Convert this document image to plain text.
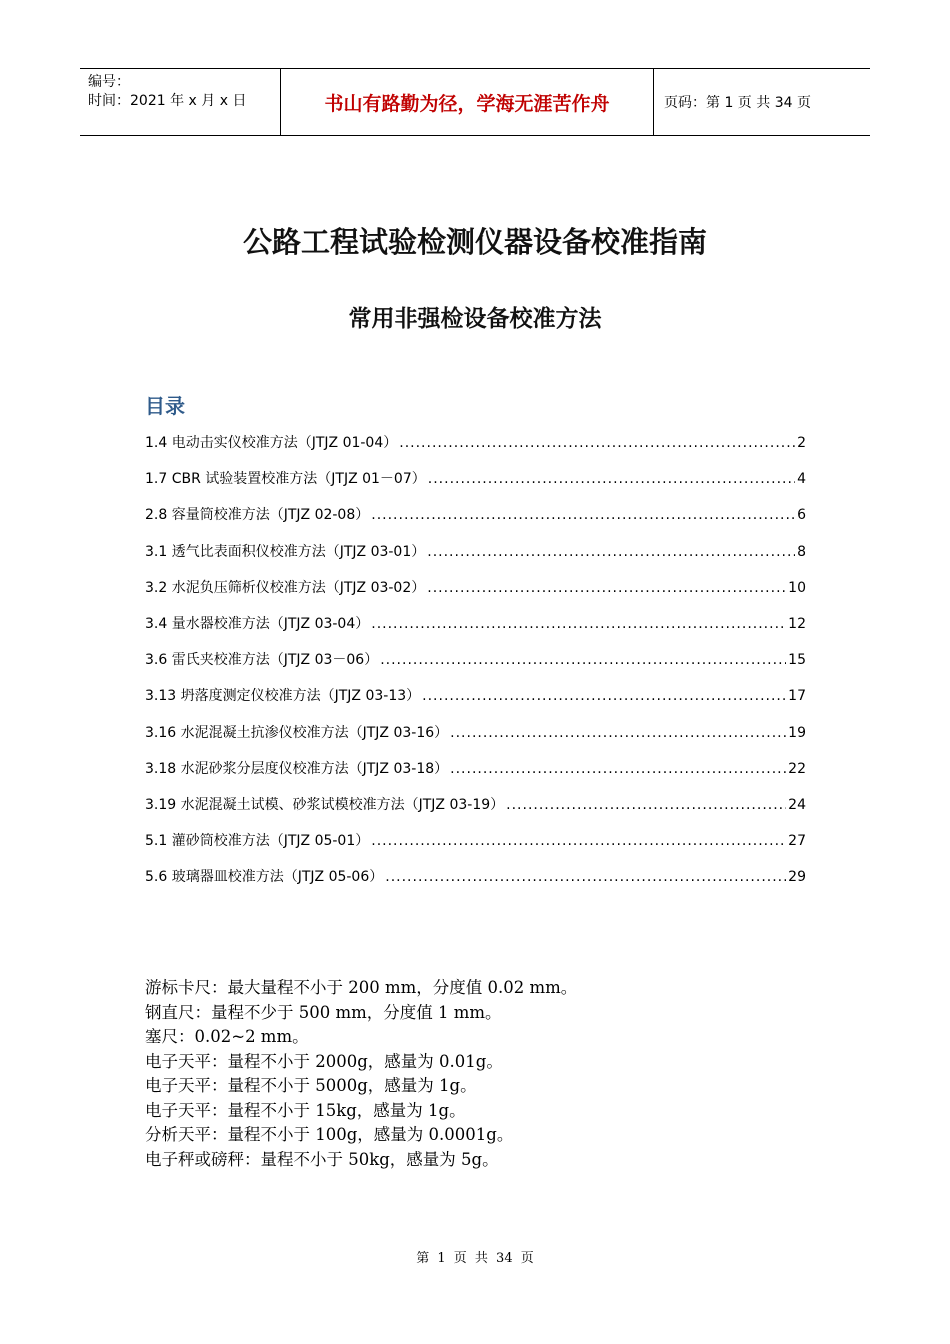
编号：
时间：2021 年 x 月 x 日	书山有路勤为径，学海无涯苦作舟	页码：第 1 页 共 34 页
公路工程试验检测仪器设备校准指南
常用非强检设备校准方法
目录
1.4 电动击实仪校准方法（JTJZ 01-04） .....	2
1.7 CBR 试验装置校准方法（JTJZ 01－07） .....	4
2.8 容量筒校准方法（JTJZ 02-08） .....	6
3.1 透气比表面积仪校准方法（JTJZ 03-01） .....	8
3.2 水泥负压筛析仪校准方法（JTJZ 03-02） .....	10
3.4 量水器校准方法（JTJZ 03-04） .....	12
3.6 雷氏夹校准方法（JTJZ 03－06） .....	15
3.13 坍落度测定仪校准方法（JTJZ 03-13） .....	17
3.16 水泥混凝土抗渗仪校准方法（JTJZ 03-16） .....	19
3.18 水泥砂浆分层度仪校准方法（JTJZ 03-18） .....	22
3.19 水泥混凝土试模、砂浆试模校准方法（JTJZ 03-19） .....	24
5.1 灌砂筒校准方法（JTJZ 05-01） .....	27
5.6 玻璃器皿校准方法（JTJZ 05-06） .....	29
游标卡尺：最大量程不小于 200 mm，分度值 0.02 mm。
钢直尺：量程不少于 500 mm，分度值 1 mm。
塞尺：0.02~2 mm。
电子天平：量程不小于 2000g，感量为 0.01g。
电子天平：量程不小于 5000g，感量为 1g。
电子天平：量程不小于 15kg，感量为 1g。
分析天平：量程不小于 100g，感量为 0.0001g。
电子秤或磅秤：量程不小于 50kg，感量为 5g。
第 1 页 共 34 页
